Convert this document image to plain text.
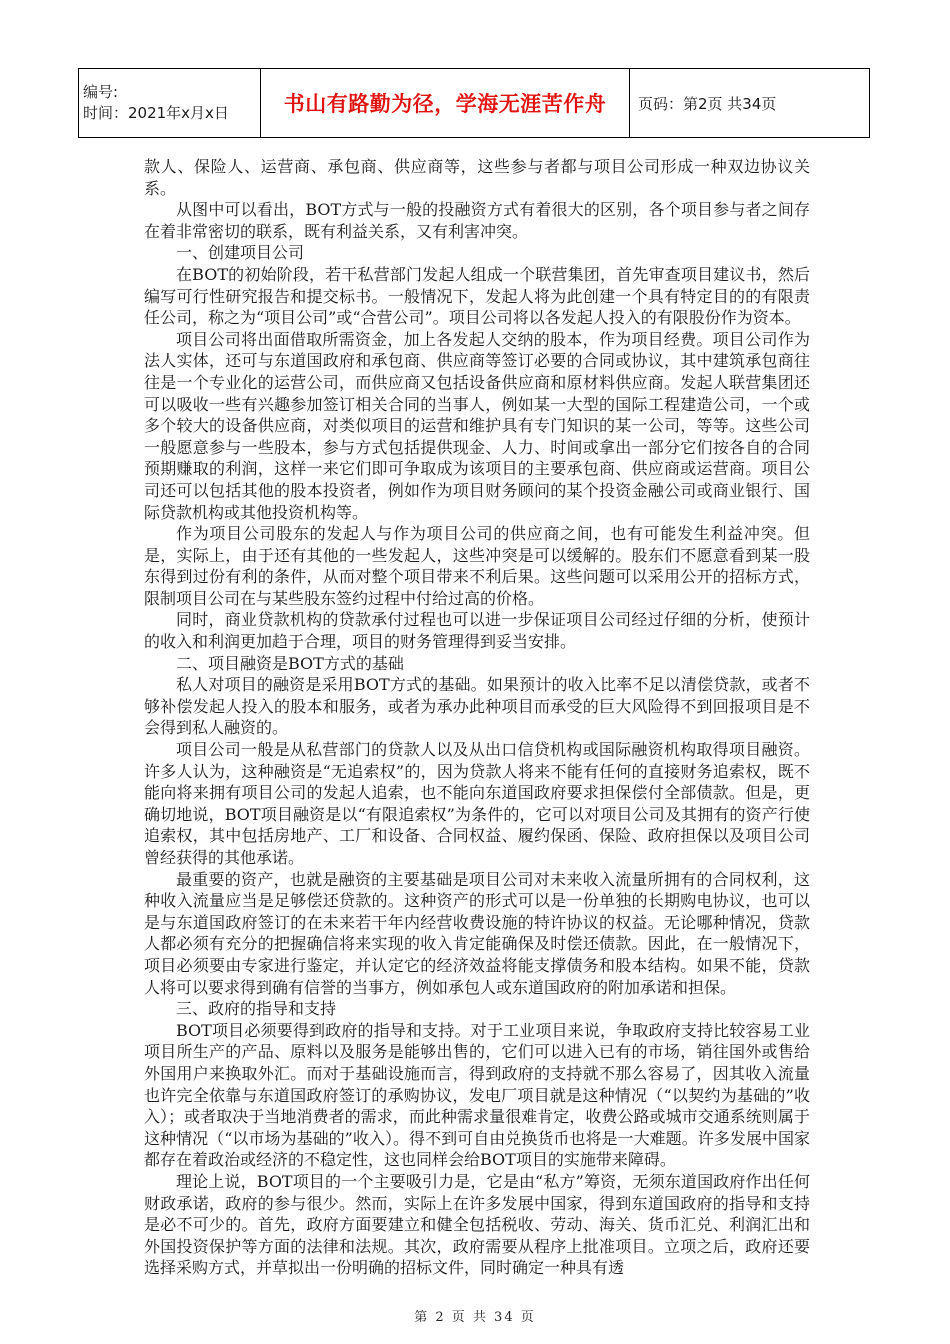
编号:
时间：2021年x月x日	书山有路勤为径，学海无涯苦作舟	页码：第2页 共34页

款人、保险人、运营商、承包商、供应商等，这些参与者都与项目公司形成一种双边协议关系。

从图中可以看出，BOT方式与一般的投融资方式有着很大的区别，各个项目参与者之间存在着非常密切的联系，既有利益关系，又有利害冲突。

一、创建项目公司

在BOT的初始阶段，若干私营部门发起人组成一个联营集团，首先审查项目建议书，然后编写可行性研究报告和提交标书。一般情况下，发起人将为此创建一个具有特定目的的有限责任公司，称之为“项目公司”或“合营公司”。项目公司将以各发起人投入的有限股份作为资本。

项目公司将出面借取所需资金，加上各发起人交纳的股本，作为项目经费。项目公司作为法人实体，还可与东道国政府和承包商、供应商等签订必要的合同或协议，其中建筑承包商往往是一个专业化的运营公司，而供应商又包括设备供应商和原材料供应商。发起人联营集团还可以吸收一些有兴趣参加签订相关合同的当事人，例如某一大型的国际工程建造公司，一个或多个较大的设备供应商，对类似项目的运营和维护具有专门知识的某一公司，等等。这些公司一般愿意参与一些股本，参与方式包括提供现金、人力、时间或拿出一部分它们按各自的合同预期赚取的利润，这样一来它们即可争取成为该项目的主要承包商、供应商或运营商。项目公司还可以包括其他的股本投资者，例如作为项目财务顾问的某个投资金融公司或商业银行、国际贷款机构或其他投资机构等。

作为项目公司股东的发起人与作为项目公司的供应商之间，也有可能发生利益冲突。但是，实际上，由于还有其他的一些发起人，这些冲突是可以缓解的。股东们不愿意看到某一股东得到过份有利的条件，从而对整个项目带来不利后果。这些问题可以采用公开的招标方式，限制项目公司在与某些股东签约过程中付给过高的价格。

同时，商业贷款机构的贷款承付过程也可以进一步保证项目公司经过仔细的分析，使预计的收入和利润更加趋于合理，项目的财务管理得到妥当安排。

二、项目融资是BOT方式的基础

私人对项目的融资是采用BOT方式的基础。如果预计的收入比率不足以清偿贷款，或者不够补偿发起人投入的股本和服务，或者为承办此种项目而承受的巨大风险得不到回报项目是不会得到私人融资的。

项目公司一般是从私营部门的贷款人以及从出口信贷机构或国际融资机构取得项目融资。许多人认为，这种融资是“无追索权”的，因为贷款人将来不能有任何的直接财务追索权，既不能向将来拥有项目公司的发起人追索，也不能向东道国政府要求担保偿付全部债款。但是，更确切地说，BOT项目融资是以“有限追索权”为条件的，它可以对项目公司及其拥有的资产行使追索权，其中包括房地产、工厂和设备、合同权益、履约保函、保险、政府担保以及项目公司曾经获得的其他承诺。

最重要的资产，也就是融资的主要基础是项目公司对未来收入流量所拥有的合同权利，这种收入流量应当是足够偿还贷款的。这种资产的形式可以是一份单独的长期购电协议，也可以是与东道国政府签订的在未来若干年内经营收费设施的特许协议的权益。无论哪种情况，贷款人都必须有充分的把握确信将来实现的收入肯定能确保及时偿还债款。因此，在一般情况下，项目必须要由专家进行鉴定，并认定它的经济效益将能支撑债务和股本结构。如果不能，贷款人将可以要求得到确有信誉的当事方，例如承包人或东道国政府的附加承诺和担保。

三、政府的指导和支持

BOT项目必须要得到政府的指导和支持。对于工业项目来说，争取政府支持比较容易工业项目所生产的产品、原料以及服务是能够出售的，它们可以进入已有的市场，销往国外或售给外国用户来换取外汇。而对于基础设施而言，得到政府的支持就不那么容易了，因其收入流量也许完全依靠与东道国政府签订的承购协议，发电厂项目就是这种情况（“以契约为基础的”收入）；或者取决于当地消费者的需求，而此种需求量很难肯定，收费公路或城市交通系统则属于这种情况（“以市场为基础的”收入）。得不到可自由兑换货币也将是一大难题。许多发展中国家都存在着政治或经济的不稳定性，这也同样会给BOT项目的实施带来障碍。

理论上说，BOT项目的一个主要吸引力是，它是由“私方”筹资，无须东道国政府作出任何财政承诺，政府的参与很少。然而，实际上在许多发展中国家，得到东道国政府的指导和支持是必不可少的。首先，政府方面要建立和健全包括税收、劳动、海关、货币汇兑、利润汇出和外国投资保护等方面的法律和法规。其次，政府需要从程序上批准项目。立项之后，政府还要选择采购方式，并草拟出一份明确的招标文件，同时确定一种具有透

第 2 页 共 34 页
